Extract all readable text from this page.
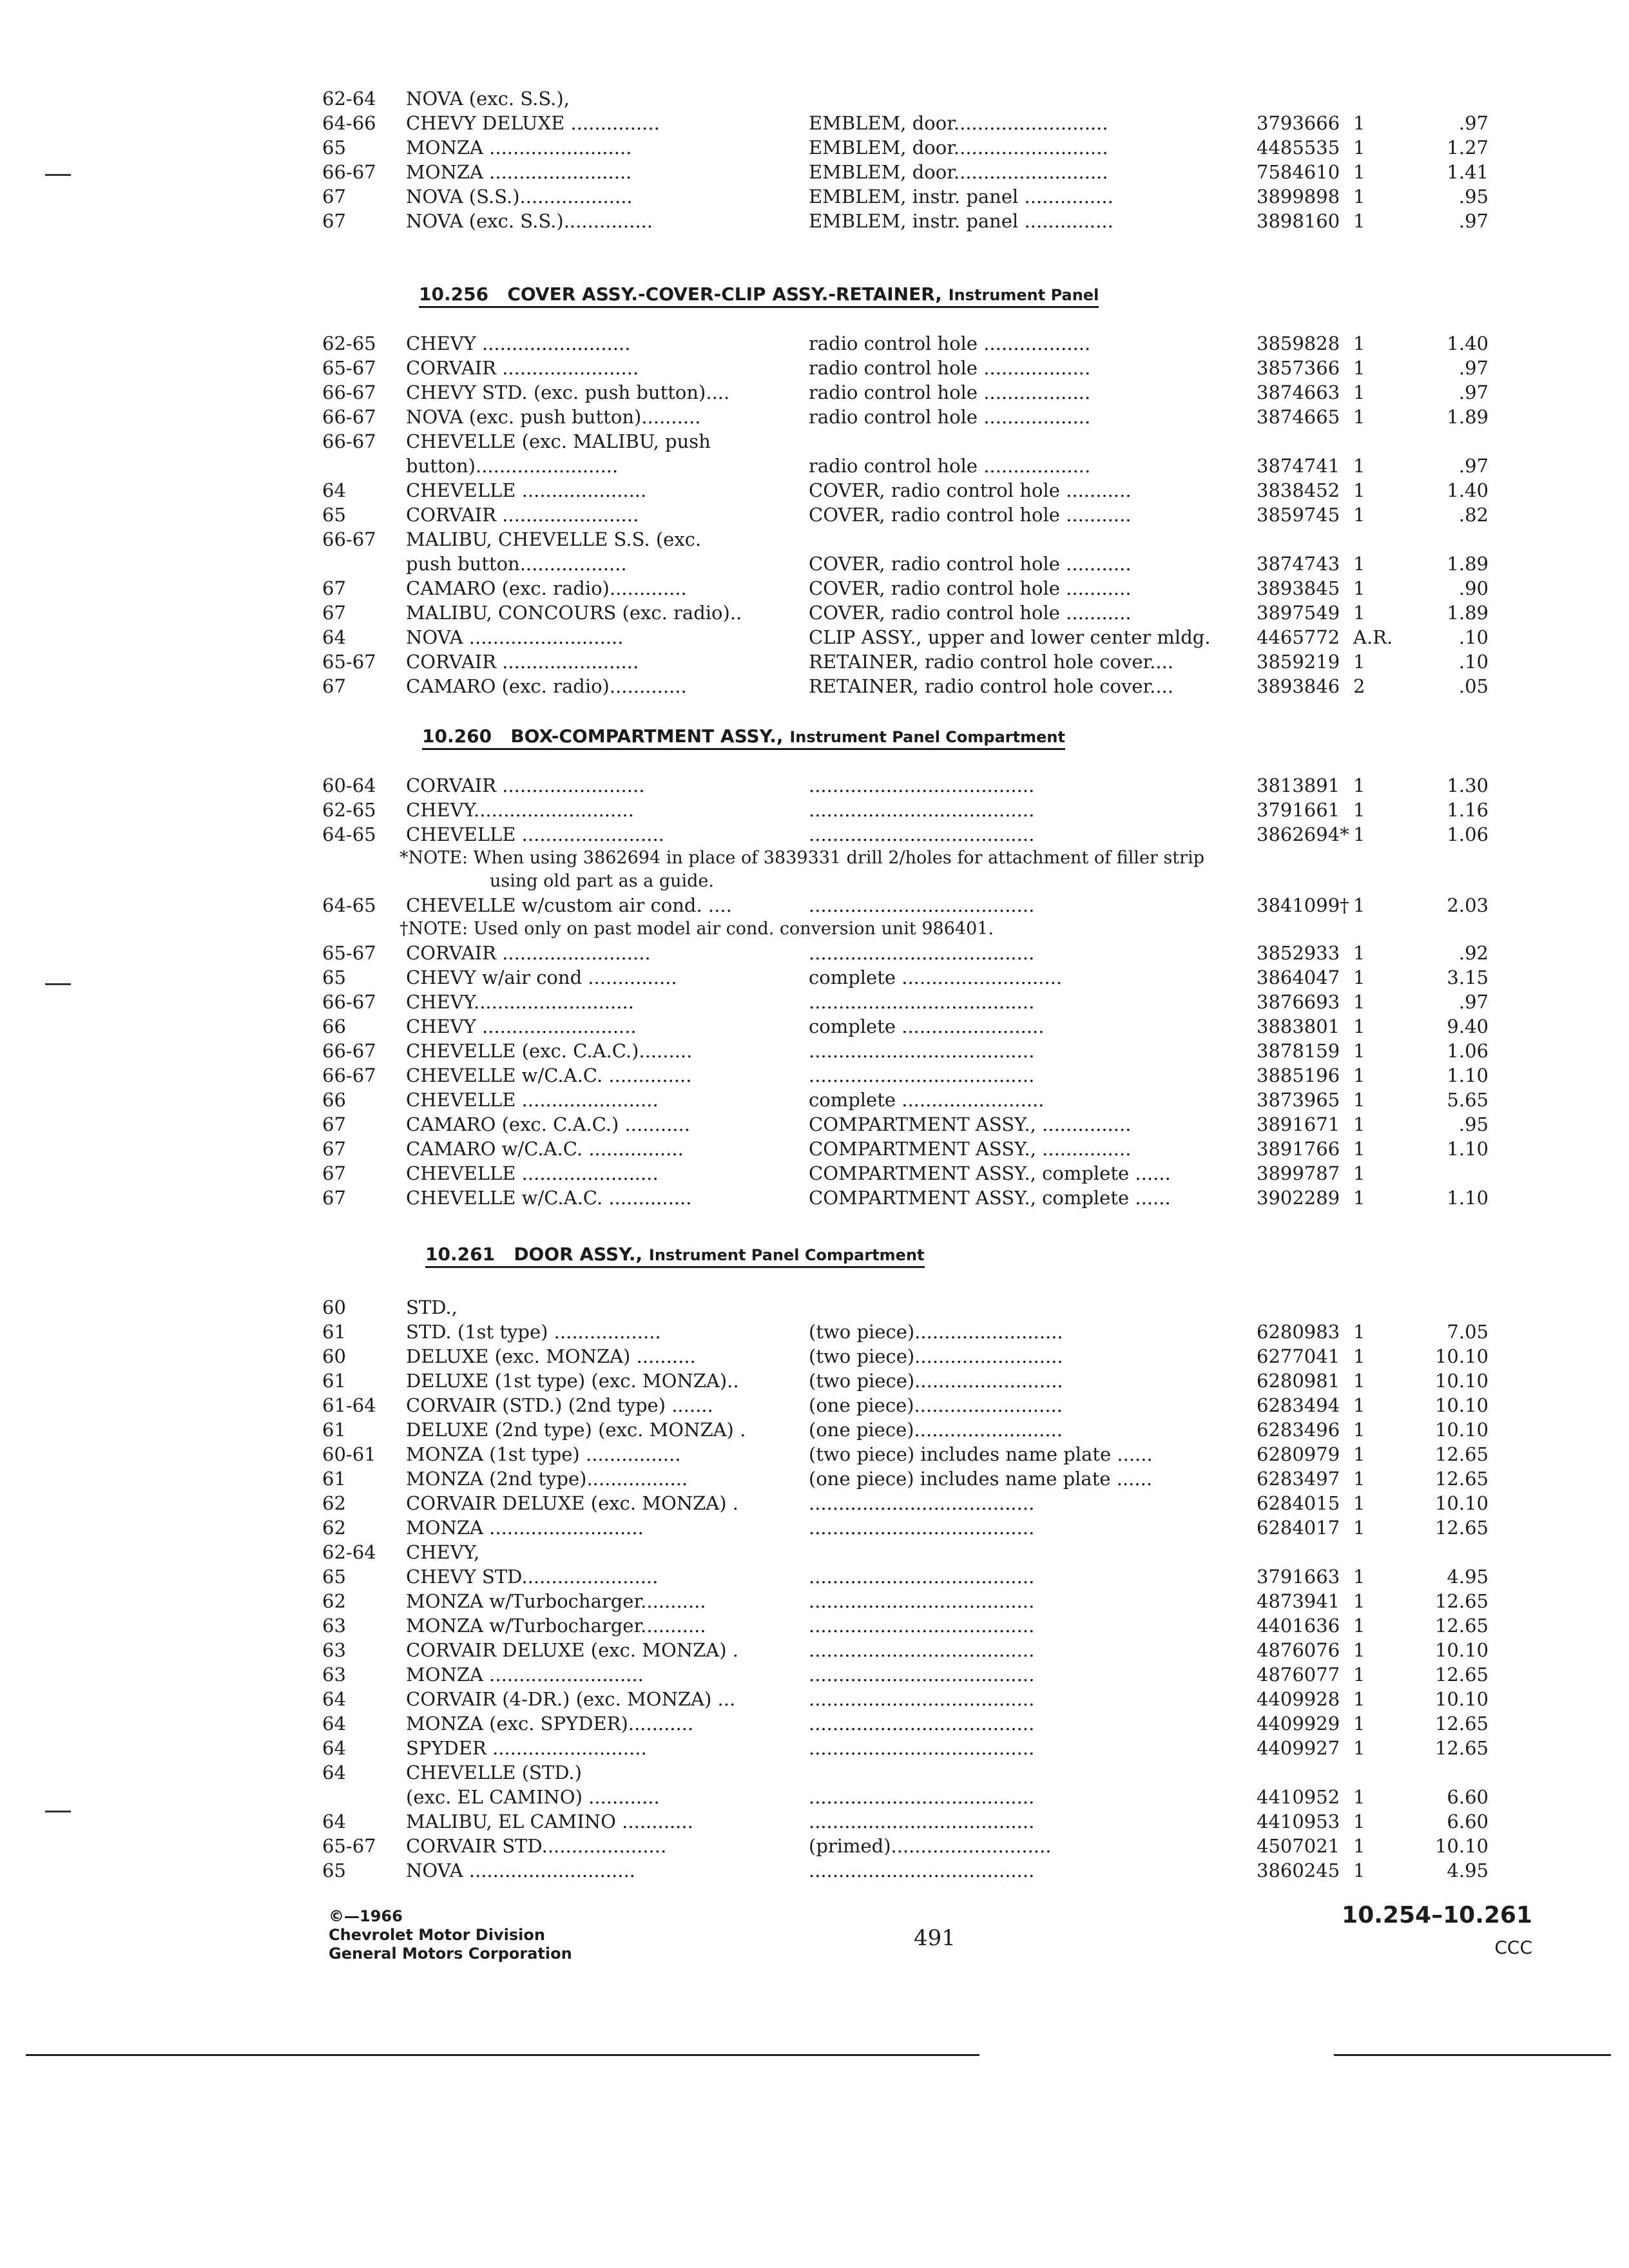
62-64	NOVA (exc. S.S.),
64-66	CHEVY DELUXE ...............	EMBLEM, door..........................	3793666 1	.97
65	MONZA ........................	EMBLEM, door..........................	4485535 1	1.27
66-67	MONZA ........................	EMBLEM, door..........................	7584610 1	1.41
67	NOVA (S.S.)...................	EMBLEM, instr. panel ...............	3899898 1	.95
67	NOVA (exc. S.S.)...............	EMBLEM, instr. panel ...............	3898160 1	.97
10.256 COVER ASSY.-COVER-CLIP ASSY.-RETAINER, Instrument Panel
62-65	CHEVY .........................	radio control hole ..................	3859828 1	1.40
65-67	CORVAIR .......................	radio control hole ..................	3857366 1	.97
66-67	CHEVY STD. (exc. push button)....	radio control hole ..................	3874663 1	.97
66-67	NOVA (exc. push button)..........	radio control hole ..................	3874665 1	1.89
66-67	CHEVELLE (exc. MALIBU, push
button)........................	radio control hole ..................	3874741 1	.97
64	CHEVELLE .....................	COVER, radio control hole ...........	3838452 1	1.40
65	CORVAIR .......................	COVER, radio control hole ...........	3859745 1	.82
66-67	MALIBU, CHEVELLE S.S. (exc.
push button..................	COVER, radio control hole ...........	3874743 1	1.89
67	CAMARO (exc. radio).............	COVER, radio control hole ...........	3893845 1	.90
67	MALIBU, CONCOURS (exc. radio)..	COVER, radio control hole ...........	3897549 1	1.89
64	NOVA ..........................	CLIP ASSY., upper and lower center mldg.	4465772 A.R.	.10
65-67	CORVAIR .......................	RETAINER, radio control hole cover....	3859219 1	.10
67	CAMARO (exc. radio).............	RETAINER, radio control hole cover....	3893846 2	.05
10.260 BOX-COMPARTMENT ASSY., Instrument Panel Compartment
60-64	CORVAIR ........................	......................................	3813891 1	1.30
62-65	CHEVY...........................	......................................	3791661 1	1.16
64-65	CHEVELLE ........................	......................................	3862694* 1	1.06
*NOTE: When using 3862694 in place of 3839331 drill 2/holes for attachment of filler strip
using old part as a guide.
64-65	CHEVELLE w/custom air cond. ....	......................................	3841099† 1	2.03
†NOTE: Used only on past model air cond. conversion unit 986401.
65-67	CORVAIR .........................	......................................	3852933 1	.92
65	CHEVY w/air cond ...............	complete ...........................	3864047 1	3.15
66-67	CHEVY...........................	......................................	3876693 1	.97
66	CHEVY ..........................	complete ........................	3883801 1	9.40
66-67	CHEVELLE (exc. C.A.C.).........	......................................	3878159 1	1.06
66-67	CHEVELLE w/C.A.C. ..............	......................................	3885196 1	1.10
66	CHEVELLE .......................	complete ........................	3873965 1	5.65
67	CAMARO (exc. C.A.C.) ...........	COMPARTMENT ASSY., ...............	3891671 1	.95
67	CAMARO w/C.A.C. ................	COMPARTMENT ASSY., ...............	3891766 1	1.10
67	CHEVELLE .......................	COMPARTMENT ASSY., complete ......	3899787 1
67	CHEVELLE w/C.A.C. ..............	COMPARTMENT ASSY., complete ......	3902289 1	1.10
10.261 DOOR ASSY., Instrument Panel Compartment
60	STD.,
61	STD. (1st type) ..................	(two piece).........................	6280983 1	7.05
60	DELUXE (exc. MONZA) ..........	(two piece).........................	6277041 1	10.10
61	DELUXE (1st type) (exc. MONZA)..	(two piece).........................	6280981 1	10.10
61-64	CORVAIR (STD.) (2nd type) .......	(one piece).........................	6283494 1	10.10
61	DELUXE (2nd type) (exc. MONZA) .	(one piece).........................	6283496 1	10.10
60-61	MONZA (1st type) ................	(two piece) includes name plate ......	6280979 1	12.65
61	MONZA (2nd type).................	(one piece) includes name plate ......	6283497 1	12.65
62	CORVAIR DELUXE (exc. MONZA) .	......................................	6284015 1	10.10
62	MONZA ..........................	......................................	6284017 1	12.65
62-64	CHEVY,
65	CHEVY STD.......................	......................................	3791663 1	4.95
62	MONZA w/Turbocharger...........	......................................	4873941 1	12.65
63	MONZA w/Turbocharger...........	......................................	4401636 1	12.65
63	CORVAIR DELUXE (exc. MONZA) .	......................................	4876076 1	10.10
63	MONZA ..........................	......................................	4876077 1	12.65
64	CORVAIR (4-DR.) (exc. MONZA) ...	......................................	4409928 1	10.10
64	MONZA (exc. SPYDER)...........	......................................	4409929 1	12.65
64	SPYDER ..........................	......................................	4409927 1	12.65
64	CHEVELLE (STD.)
(exc. EL CAMINO) ............	......................................	4410952 1	6.60
64	MALIBU, EL CAMINO ............	......................................	4410953 1	6.60
65-67	CORVAIR STD.....................	(primed)...........................	4507021 1	10.10
65	NOVA ............................	......................................	3860245 1	4.95
©—1966
Chevrolet Motor Division
General Motors Corporation
491
10.254–10.261
CCC
